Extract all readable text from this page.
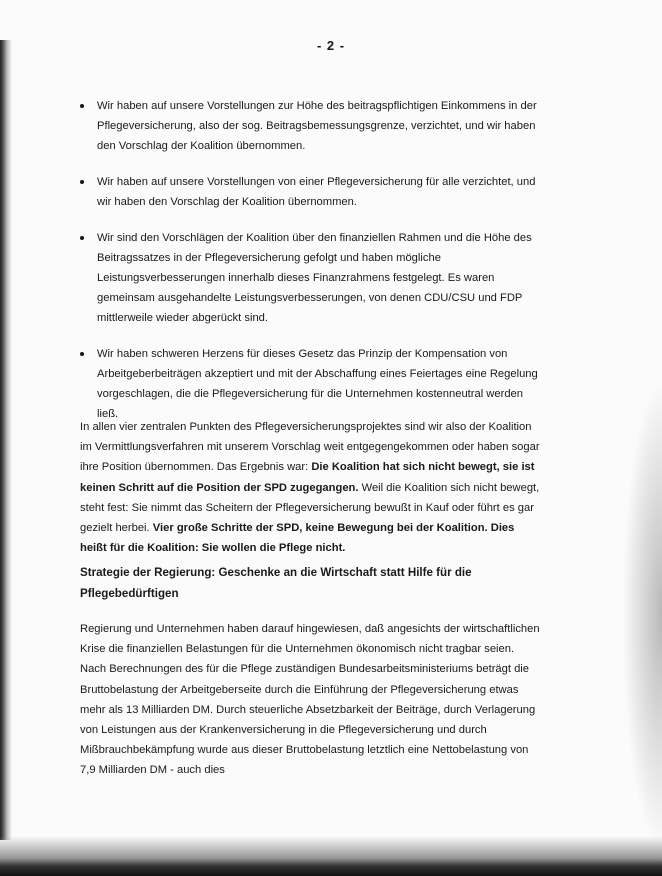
- 2 -
Wir haben auf unsere Vorstellungen zur Höhe des beitragspflichtigen Einkommens in der Pflegeversicherung, also der sog. Beitragsbemessungsgrenze, verzichtet, und wir haben den Vorschlag der Koalition übernommen.
Wir haben auf unsere Vorstellungen von einer Pflegeversicherung für alle verzichtet, und wir haben den Vorschlag der Koalition übernommen.
Wir sind den Vorschlägen der Koalition über den finanziellen Rahmen und die Höhe des Beitragssatzes in der Pflegeversicherung gefolgt und haben mögliche Leistungsverbesserungen innerhalb dieses Finanzrahmens festgelegt. Es waren gemeinsam ausgehandelte Leistungsverbesserungen, von denen CDU/CSU und FDP mittlerweile wieder abgerückt sind.
Wir haben schweren Herzens für dieses Gesetz das Prinzip der Kompensation von Arbeitgeberbeiträgen akzeptiert und mit der Abschaffung eines Feiertages eine Regelung vorgeschlagen, die die Pflegeversicherung für die Unternehmen kostenneutral werden ließ.

In allen vier zentralen Punkten des Pflegeversicherungsprojektes sind wir also der Koalition im Vermittlungsverfahren mit unserem Vorschlag weit entgegengekommen oder haben sogar ihre Position übernommen. Das Ergebnis war: Die Koalition hat sich nicht bewegt, sie ist keinen Schritt auf die Position der SPD zugegangen. Weil die Koalition sich nicht bewegt, steht fest: Sie nimmt das Scheitern der Pflegeversicherung bewußt in Kauf oder führt es gar gezielt herbei. Vier große Schritte der SPD, keine Bewegung bei der Koalition. Dies heißt für die Koalition: Sie wollen die Pflege nicht.

Strategie der Regierung: Geschenke an die Wirtschaft statt Hilfe für die Pflegebedürftigen

Regierung und Unternehmen haben darauf hingewiesen, daß angesichts der wirtschaftlichen Krise die finanziellen Belastungen für die Unternehmen ökonomisch nicht tragbar seien. Nach Berechnungen des für die Pflege zuständigen Bundesarbeitsministeriums beträgt die Bruttobelastung der Arbeitgeberseite durch die Einführung der Pflegeversicherung etwas mehr als 13 Milliarden DM. Durch steuerliche Absetzbarkeit der Beiträge, durch Verlagerung von Leistungen aus der Krankenversicherung in die Pflegeversicherung und durch Mißbrauchbekämpfung wurde aus dieser Bruttobelastung letztlich eine Nettobelastung von 7,9 Milliarden DM - auch dies
